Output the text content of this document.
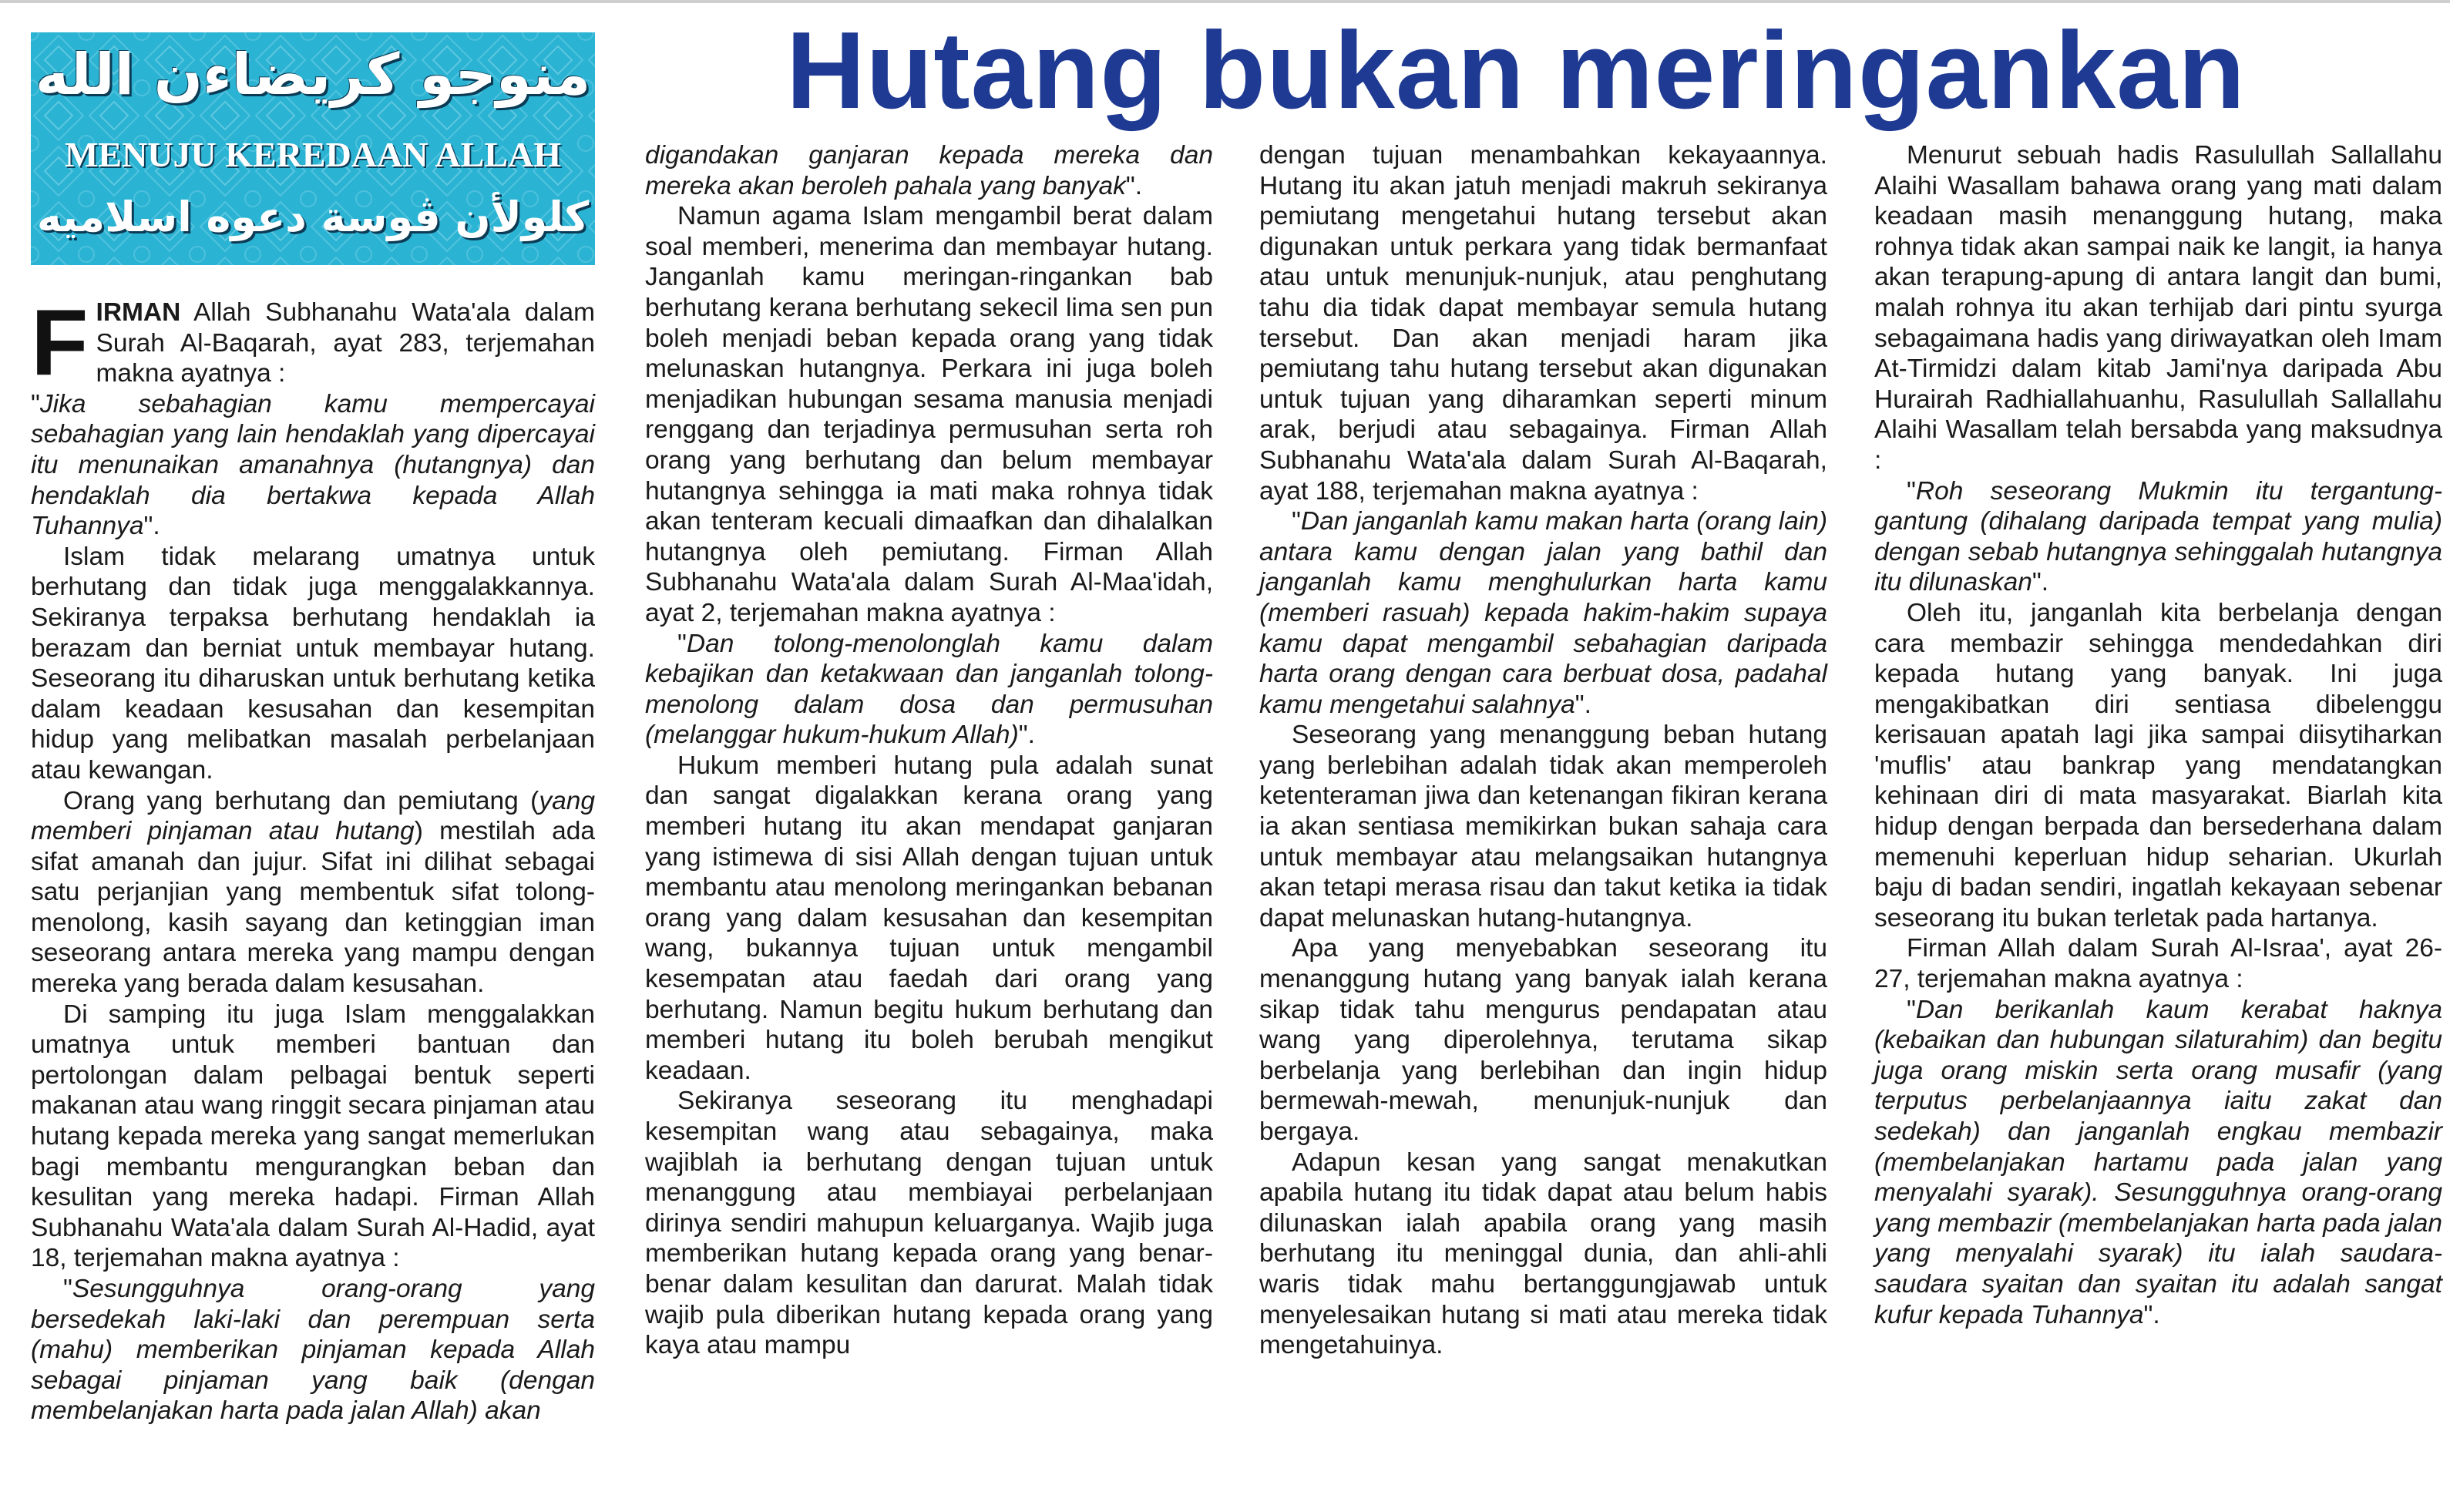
منوجو كريضاءن الله
MENUJU KEREDAAN ALLAH
كلولأن ڤوسة دعوه اسلاميه
Hutang bukan meringankan

FIRMAN Allah Subhanahu Wata'ala dalam Surah Al-Baqarah, ayat 283, terjemahan makna ayatnya :

"Jika sebahagian kamu mempercayai sebahagian yang lain hendaklah yang dipercayai itu menunaikan amanahnya (hutangnya) dan hendaklah dia bertakwa kepada Allah Tuhannya".

Islam tidak melarang umatnya untuk berhutang dan tidak juga menggalakkannya. Sekiranya terpaksa berhutang hendaklah ia berazam dan berniat untuk membayar hutang. Seseorang itu diharuskan untuk berhutang ketika dalam keadaan kesusahan dan kesempitan hidup yang melibatkan masalah perbelanjaan atau kewangan.

Orang yang berhutang dan pemiutang (yang memberi pinjaman atau hutang) mestilah ada sifat amanah dan jujur. Sifat ini dilihat sebagai satu perjanjian yang membentuk sifat tolong-menolong, kasih sayang dan ketinggian iman seseorang antara mereka yang mampu dengan mereka yang berada dalam kesusahan.

Di samping itu juga Islam menggalakkan umatnya untuk memberi bantuan dan pertolongan dalam pelbagai bentuk seperti makanan atau wang ringgit secara pinjaman atau hutang kepada mereka yang sangat memerlukan bagi membantu mengurangkan beban dan kesulitan yang mereka hadapi. Firman Allah Subhanahu Wata'ala dalam Surah Al-Hadid, ayat 18, terjemahan makna ayatnya :

"Sesungguhnya orang-orang yang bersedekah laki-laki dan perempuan serta (mahu) memberikan pinjaman kepada Allah sebagai pinjaman yang baik (dengan membelanjakan harta pada jalan Allah) akan

digandakan ganjaran kepada mereka dan mereka akan beroleh pahala yang banyak".

Namun agama Islam mengambil berat dalam soal memberi, menerima dan membayar hutang. Janganlah kamu meringan-ringankan bab berhutang kerana berhutang sekecil lima sen pun boleh menjadi beban kepada orang yang tidak melunaskan hutangnya. Perkara ini juga boleh menjadikan hubungan sesama manusia menjadi renggang dan terjadinya permusuhan serta roh orang yang berhutang dan belum membayar hutangnya sehingga ia mati maka rohnya tidak akan tenteram kecuali dimaafkan dan dihalalkan hutangnya oleh pemiutang. Firman Allah Subhanahu Wata'ala dalam Surah Al-Maa'idah, ayat 2, terjemahan makna ayatnya :

"Dan tolong-menolonglah kamu dalam kebajikan dan ketakwaan dan janganlah tolong-menolong dalam dosa dan permusuhan (melanggar hukum-hukum Allah)".

Hukum memberi hutang pula adalah sunat dan sangat digalakkan kerana orang yang memberi hutang itu akan mendapat ganjaran yang istimewa di sisi Allah dengan tujuan untuk membantu atau menolong meringankan bebanan orang yang dalam kesusahan dan kesempitan wang, bukannya tujuan untuk mengambil kesempatan atau faedah dari orang yang berhutang. Namun begitu hukum berhutang dan memberi hutang itu boleh berubah mengikut keadaan.

Sekiranya seseorang itu menghadapi kesempitan wang atau sebagainya, maka wajiblah ia berhutang dengan tujuan untuk menanggung atau membiayai perbelanjaan dirinya sendiri mahupun keluarganya. Wajib juga memberikan hutang kepada orang yang benar-benar dalam kesulitan dan darurat. Malah tidak wajib pula diberikan hutang kepada orang yang kaya atau mampu

dengan tujuan menambahkan kekayaannya. Hutang itu akan jatuh menjadi makruh sekiranya pemiutang mengetahui hutang tersebut akan digunakan untuk perkara yang tidak bermanfaat atau untuk menunjuk-nunjuk, atau penghutang tahu dia tidak dapat membayar semula hutang tersebut. Dan akan menjadi haram jika pemiutang tahu hutang tersebut akan digunakan untuk tujuan yang diharamkan seperti minum arak, berjudi atau sebagainya. Firman Allah Subhanahu Wata'ala dalam Surah Al-Baqarah, ayat 188, terjemahan makna ayatnya :

"Dan janganlah kamu makan harta (orang lain) antara kamu dengan jalan yang bathil dan janganlah kamu menghulurkan harta kamu (memberi rasuah) kepada hakim-hakim supaya kamu dapat mengambil sebahagian daripada harta orang dengan cara berbuat dosa, padahal kamu mengetahui salahnya".

Seseorang yang menanggung beban hutang yang berlebihan adalah tidak akan memperoleh ketenteraman jiwa dan ketenangan fikiran kerana ia akan sentiasa memikirkan bukan sahaja cara untuk membayar atau melangsaikan hutangnya akan tetapi merasa risau dan takut ketika ia tidak dapat melunaskan hutang-hutangnya.

Apa yang menyebabkan seseorang itu menanggung hutang yang banyak ialah kerana sikap tidak tahu mengurus pendapatan atau wang yang diperolehnya, terutama sikap berbelanja yang berlebihan dan ingin hidup bermewah-mewah, menunjuk-nunjuk dan bergaya.

Adapun kesan yang sangat menakutkan apabila hutang itu tidak dapat atau belum habis dilunaskan ialah apabila orang yang masih berhutang itu meninggal dunia, dan ahli-ahli waris tidak mahu bertanggungjawab untuk menyelesaikan hutang si mati atau mereka tidak mengetahuinya.

Menurut sebuah hadis Rasulullah Sallallahu Alaihi Wasallam bahawa orang yang mati dalam keadaan masih menanggung hutang, maka rohnya tidak akan sampai naik ke langit, ia hanya akan terapung-apung di antara langit dan bumi, malah rohnya itu akan terhijab dari pintu syurga sebagaimana hadis yang diriwayatkan oleh Imam At-Tirmidzi dalam kitab Jami'nya daripada Abu Hurairah Radhiallahuanhu, Rasulullah Sallallahu Alaihi Wasallam telah bersabda yang maksudnya :

"Roh seseorang Mukmin itu tergantung-gantung (dihalang daripada tempat yang mulia) dengan sebab hutangnya sehinggalah hutangnya itu dilunaskan".

Oleh itu, janganlah kita berbelanja dengan cara membazir sehingga mendedahkan diri kepada hutang yang banyak. Ini juga mengakibatkan diri sentiasa dibelenggu kerisauan apatah lagi jika sampai diisytiharkan 'muflis' atau bankrap yang mendatangkan kehinaan diri di mata masyarakat. Biarlah kita hidup dengan berpada dan bersederhana dalam memenuhi keperluan hidup seharian. Ukurlah baju di badan sendiri, ingatlah kekayaan sebenar seseorang itu bukan terletak pada hartanya.

Firman Allah dalam Surah Al-Israa', ayat 26-27, terjemahan makna ayatnya :

"Dan berikanlah kaum kerabat haknya (kebaikan dan hubungan silaturahim) dan begitu juga orang miskin serta orang musafir (yang terputus perbelanjaannya iaitu zakat dan sedekah) dan janganlah engkau membazir (membelanjakan hartamu pada jalan yang menyalahi syarak). Sesungguhnya orang-orang yang membazir (membelanjakan harta pada jalan yang menyalahi syarak) itu ialah saudara-saudara syaitan dan syaitan itu adalah sangat kufur kepada Tuhannya".
